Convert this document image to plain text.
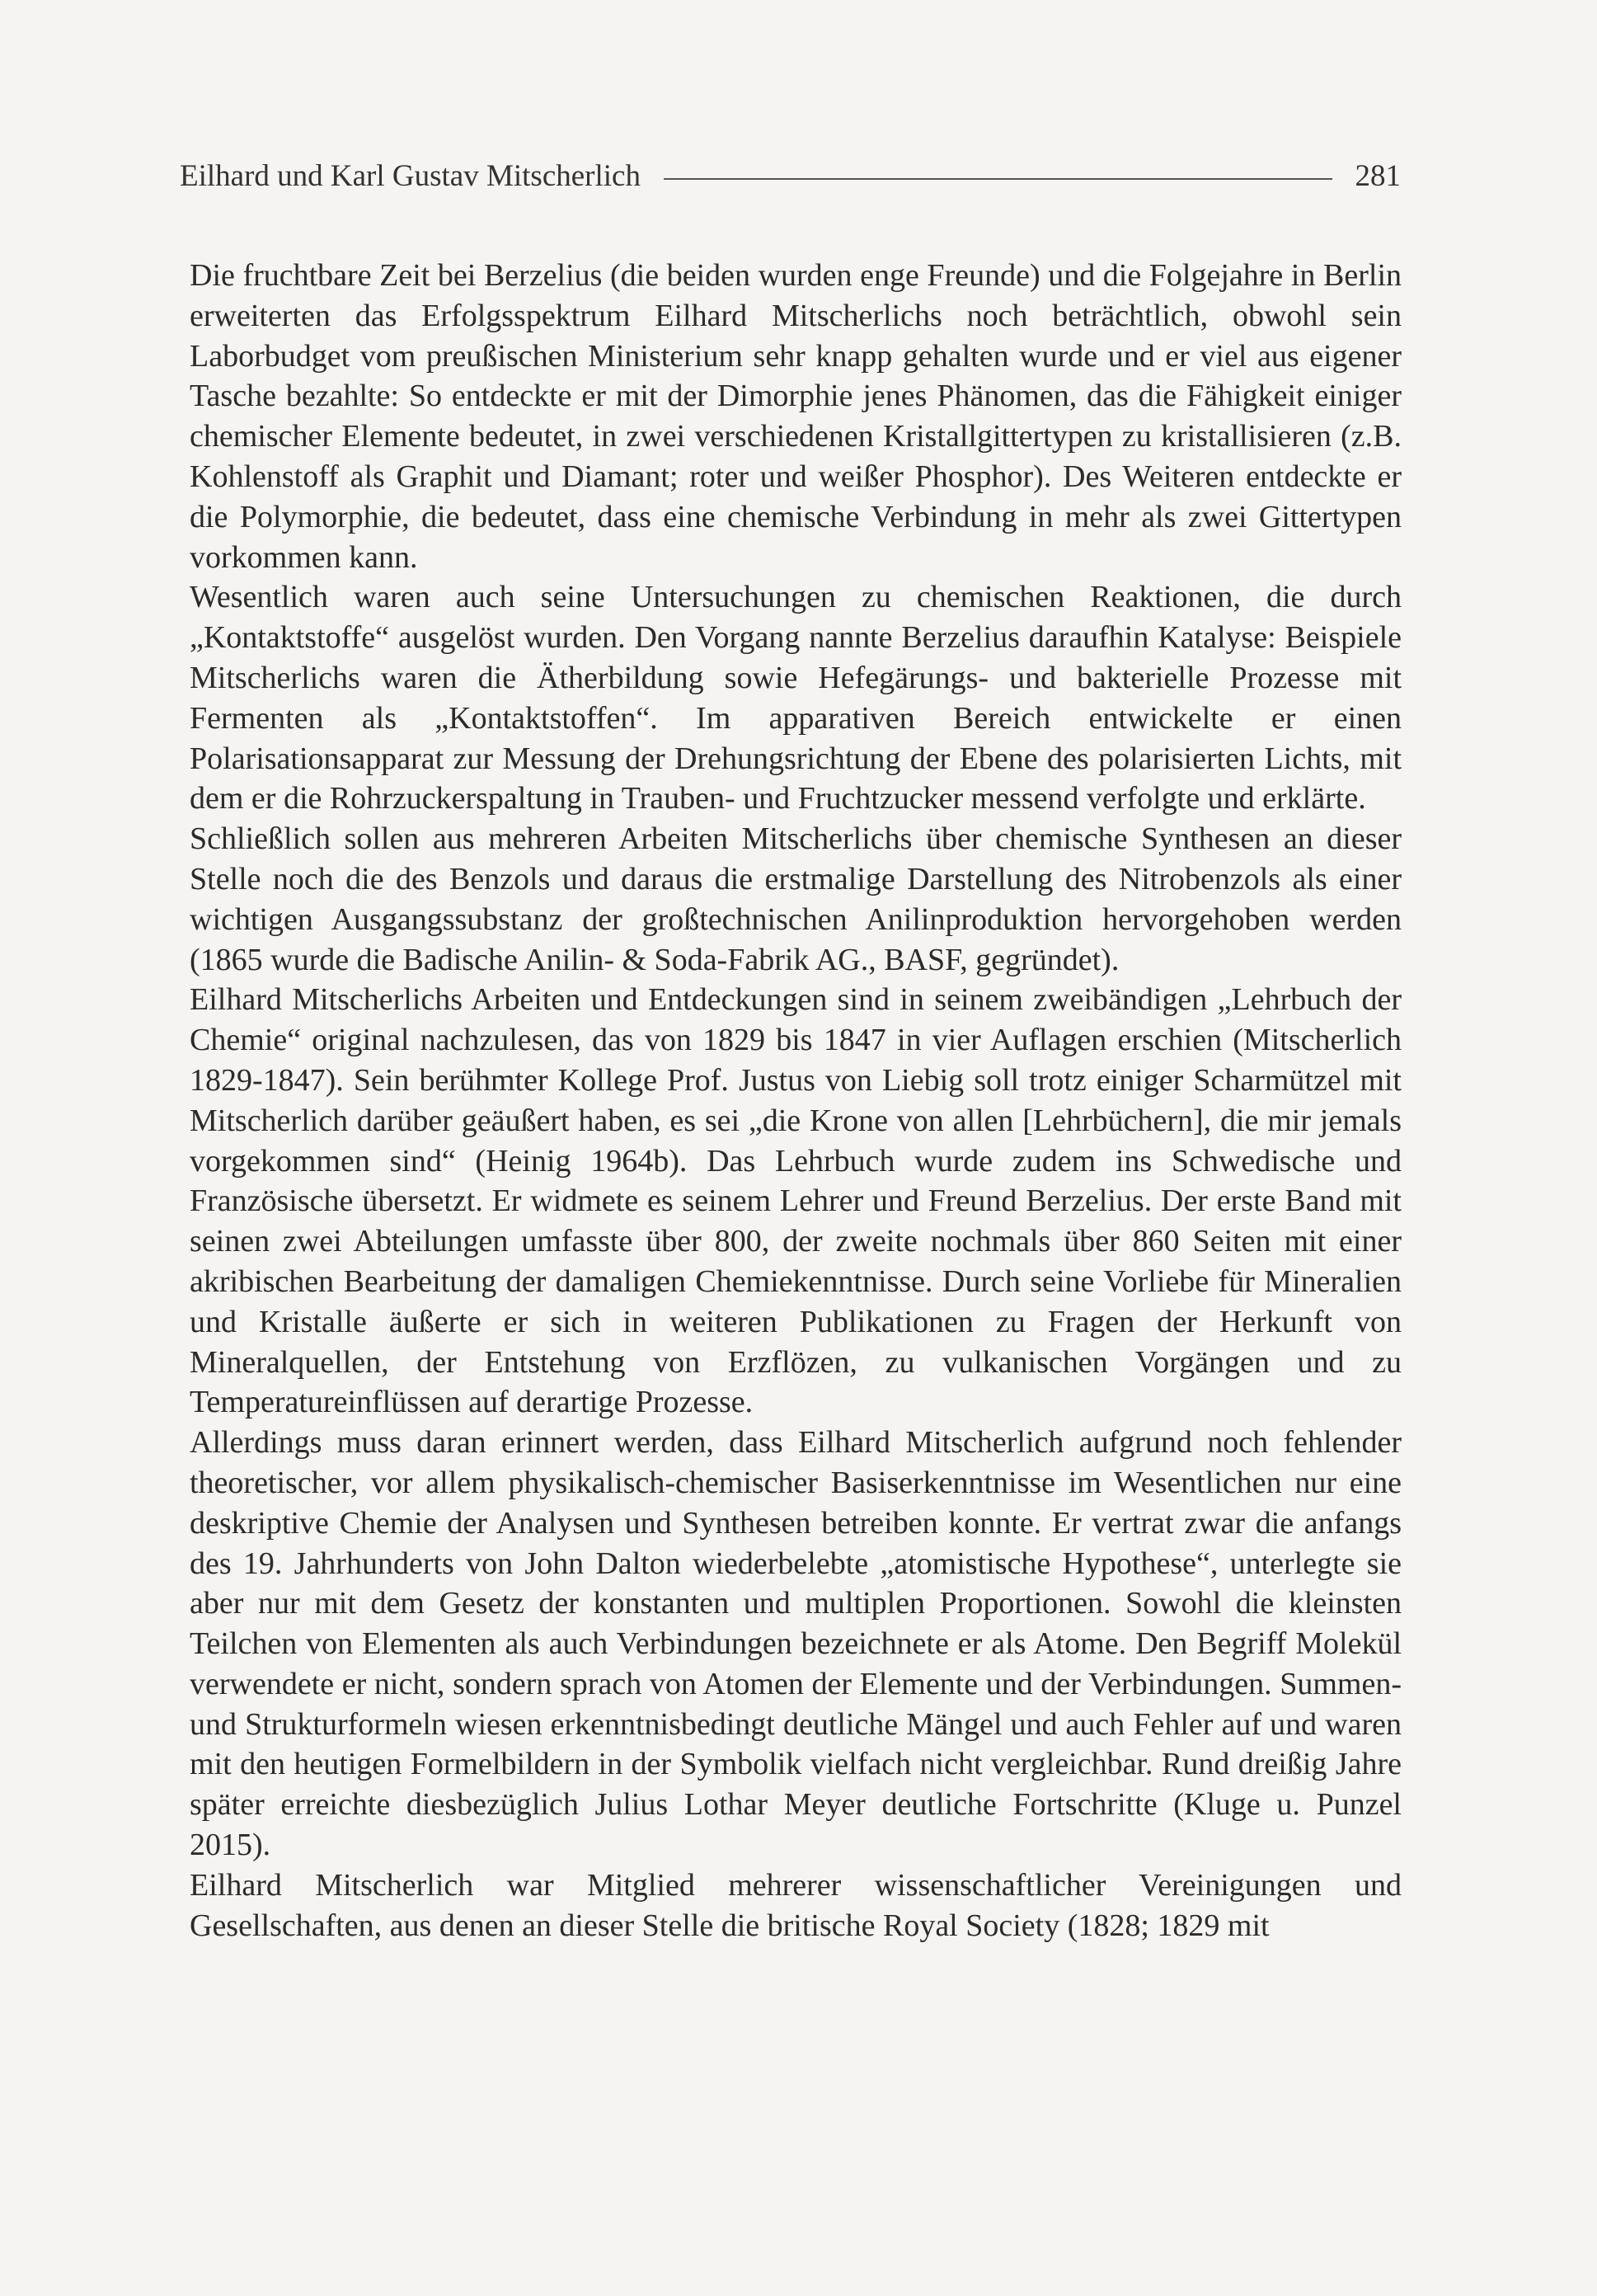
Eilhard und Karl Gustav Mitscherlich	281

Die fruchtbare Zeit bei Berzelius (die beiden wurden enge Freunde) und die Folgejahre in Berlin erweiterten das Erfolgsspektrum Eilhard Mitscherlichs noch beträchtlich, obwohl sein Laborbudget vom preußischen Ministerium sehr knapp gehalten wurde und er viel aus eigener Tasche bezahlte: So entdeckte er mit der Dimorphie jenes Phänomen, das die Fähigkeit einiger chemischer Elemente bedeutet, in zwei verschiedenen Kristallgittertypen zu kristallisieren (z.B. Kohlenstoff als Graphit und Diamant; roter und weißer Phosphor). Des Weiteren entdeckte er die Polymorphie, die bedeutet, dass eine chemische Verbindung in mehr als zwei Gittertypen vorkommen kann.

Wesentlich waren auch seine Untersuchungen zu chemischen Reaktionen, die durch „Kontaktstoffe“ ausgelöst wurden. Den Vorgang nannte Berzelius daraufhin Katalyse: Beispiele Mitscherlichs waren die Ätherbildung sowie Hefegärungs- und bakterielle Prozesse mit Fermenten als „Kontaktstoffen“. Im apparativen Bereich entwickelte er einen Polarisationsapparat zur Messung der Drehungsrichtung der Ebene des polarisierten Lichts, mit dem er die Rohrzuckerspaltung in Trauben- und Fruchtzucker messend verfolgte und erklärte.

Schließlich sollen aus mehreren Arbeiten Mitscherlichs über chemische Synthesen an dieser Stelle noch die des Benzols und daraus die erstmalige Darstellung des Nitrobenzols als einer wichtigen Ausgangssubstanz der großtechnischen Anilinproduktion hervorgehoben werden (1865 wurde die Badische Anilin- & Soda-Fabrik AG., BASF, gegründet).

Eilhard Mitscherlichs Arbeiten und Entdeckungen sind in seinem zweibändigen „Lehrbuch der Chemie“ original nachzulesen, das von 1829 bis 1847 in vier Auflagen erschien (Mitscherlich 1829-1847). Sein berühmter Kollege Prof. Justus von Liebig soll trotz einiger Scharmützel mit Mitscherlich darüber geäußert haben, es sei „die Krone von allen [Lehrbüchern], die mir jemals vorgekommen sind“ (Heinig 1964b). Das Lehrbuch wurde zudem ins Schwedische und Französische übersetzt. Er widmete es seinem Lehrer und Freund Berzelius. Der erste Band mit seinen zwei Abteilungen umfasste über 800, der zweite nochmals über 860 Seiten mit einer akribischen Bearbeitung der damaligen Chemiekenntnisse. Durch seine Vorliebe für Mineralien und Kristalle äußerte er sich in weiteren Publikationen zu Fragen der Herkunft von Mineralquellen, der Entstehung von Erzflözen, zu vulkanischen Vorgängen und zu Temperatureinflüssen auf derartige Prozesse.

Allerdings muss daran erinnert werden, dass Eilhard Mitscherlich aufgrund noch fehlender theoretischer, vor allem physikalisch-chemischer Basiserkenntnisse im Wesentlichen nur eine deskriptive Chemie der Analysen und Synthesen betreiben konnte. Er vertrat zwar die anfangs des 19. Jahrhunderts von John Dalton wiederbelebte „atomistische Hypothese“, unterlegte sie aber nur mit dem Gesetz der konstanten und multiplen Proportionen. Sowohl die kleinsten Teilchen von Elementen als auch Verbindungen bezeichnete er als Atome. Den Begriff Molekül verwendete er nicht, sondern sprach von Atomen der Elemente und der Verbindungen. Summen- und Strukturformeln wiesen erkenntnisbedingt deutliche Mängel und auch Fehler auf und waren mit den heutigen Formelbildern in der Symbolik vielfach nicht vergleichbar. Rund dreißig Jahre später erreichte diesbezüglich Julius Lothar Meyer deutliche Fortschritte (Kluge u. Punzel 2015).

Eilhard Mitscherlich war Mitglied mehrerer wissenschaftlicher Vereinigungen und Gesellschaften, aus denen an dieser Stelle die britische Royal Society (1828; 1829 mit
